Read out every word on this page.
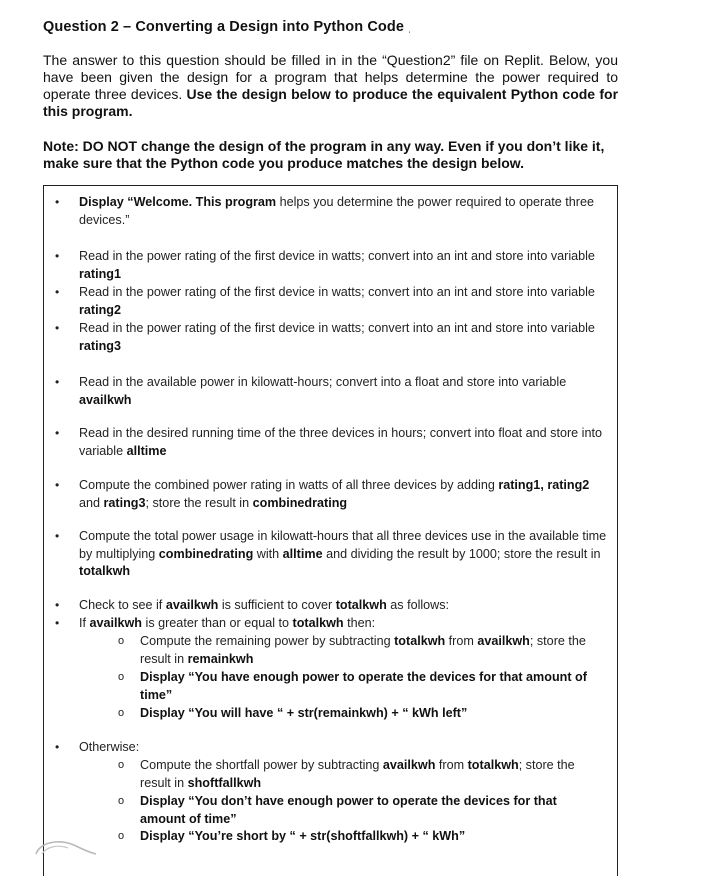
Question 2 – Converting a Design into Python Code ˌ
The answer to this question should be filled in in the “Question2” file on Replit. Below, you have been given the design for a program that helps determine the power required to operate three devices. Use the design below to produce the equivalent Python code for this program.
Note: DO NOT change the design of the program in any way. Even if you don’t like it, make sure that the Python code you produce matches the design below.
• Display “Welcome. This program helps you determine the power required to operate three devices.”
• Read in the power rating of the first device in watts; convert into an int and store into variable rating1
• Read in the power rating of the first device in watts; convert into an int and store into variable rating2
• Read in the power rating of the first device in watts; convert into an int and store into variable rating3
• Read in the available power in kilowatt-hours; convert into a float and store into variable availkwh
• Read in the desired running time of the three devices in hours; convert into float and store into variable alltime
• Compute the combined power rating in watts of all three devices by adding rating1, rating2 and rating3; store the result in combinedrating
• Compute the total power usage in kilowatt-hours that all three devices use in the available time by multiplying combinedrating with alltime and dividing the result by 1000; store the result in totalkwh
• Check to see if availkwh is sufficient to cover totalkwh as follows:
• If availkwh is greater than or equal to totalkwh then:
o Compute the remaining power by subtracting totalkwh from availkwh; store the result in remainkwh
o Display “You have enough power to operate the devices for that amount of time”
o Display “You will have “ + str(remainkwh) + “ kWh left”
• Otherwise:
o Compute the shortfall power by subtracting availkwh from totalkwh; store the result in shoftfallkwh
o Display “You don’t have enough power to operate the devices for that amount of time”
o Display “You’re short by “ + str(shoftfallkwh) + “ kWh”
